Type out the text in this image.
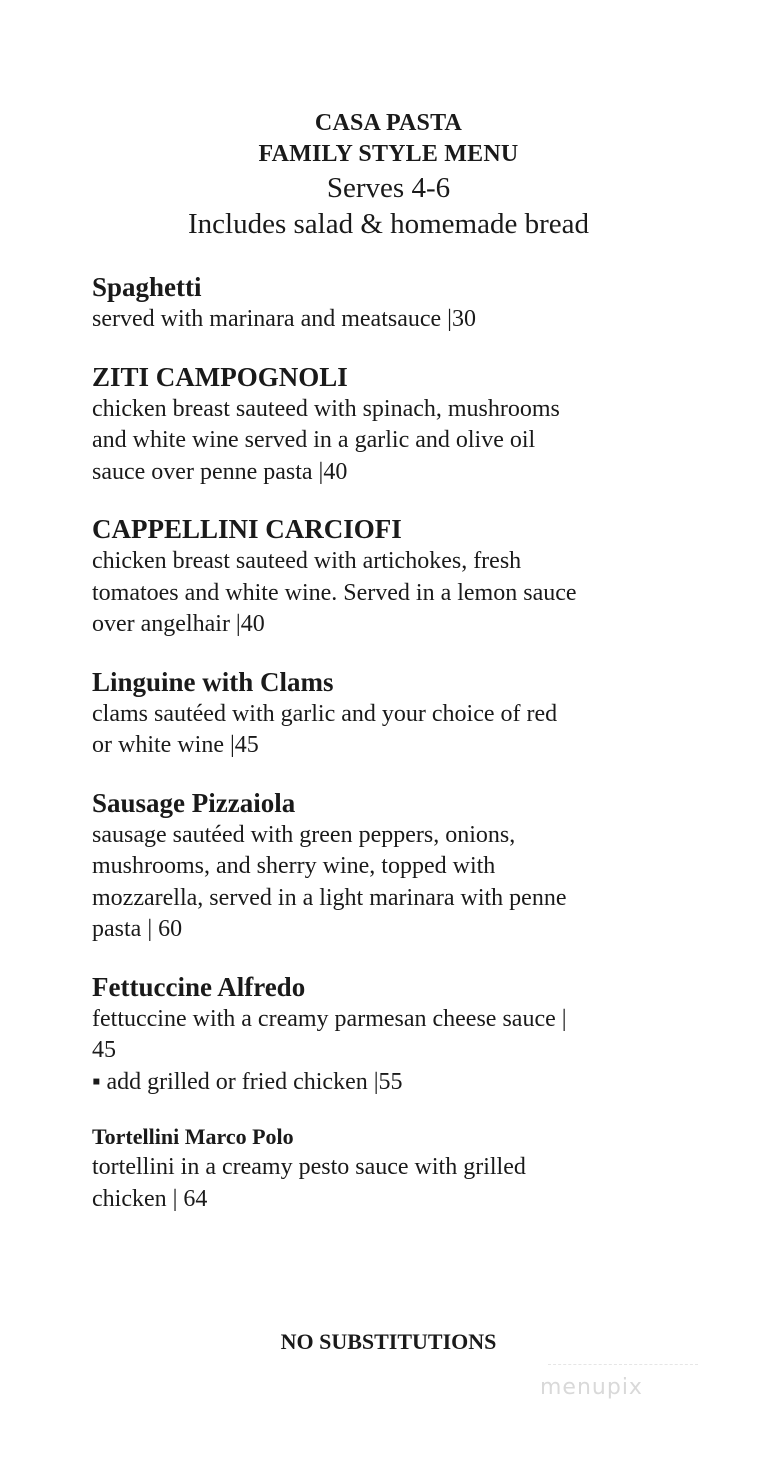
CASA PASTA
FAMILY STYLE MENU
Serves 4-6
Includes salad & homemade bread
Spaghetti
served with marinara and meatsauce |30
ZITI CAMPOGNOLI
chicken breast sauteed with spinach, mushrooms
and white wine served in a garlic and olive oil
sauce over penne pasta |40
CAPPELLINI CARCIOFI
chicken breast sauteed with artichokes, fresh
tomatoes and white wine. Served in a lemon sauce
over angelhair |40
Linguine with Clams
clams sautéed with garlic and your choice of red
or white wine |45
Sausage Pizzaiola
sausage sautéed with green peppers, onions,
mushrooms, and sherry wine, topped with
mozzarella, served in a light marinara with penne
pasta | 60
Fettuccine Alfredo
fettuccine with a creamy parmesan cheese sauce |
45
▪ add grilled or fried chicken |55
Tortellini Marco Polo
tortellini in a creamy pesto sauce with grilled
chicken | 64
NO SUBSTITUTIONS
menupix
